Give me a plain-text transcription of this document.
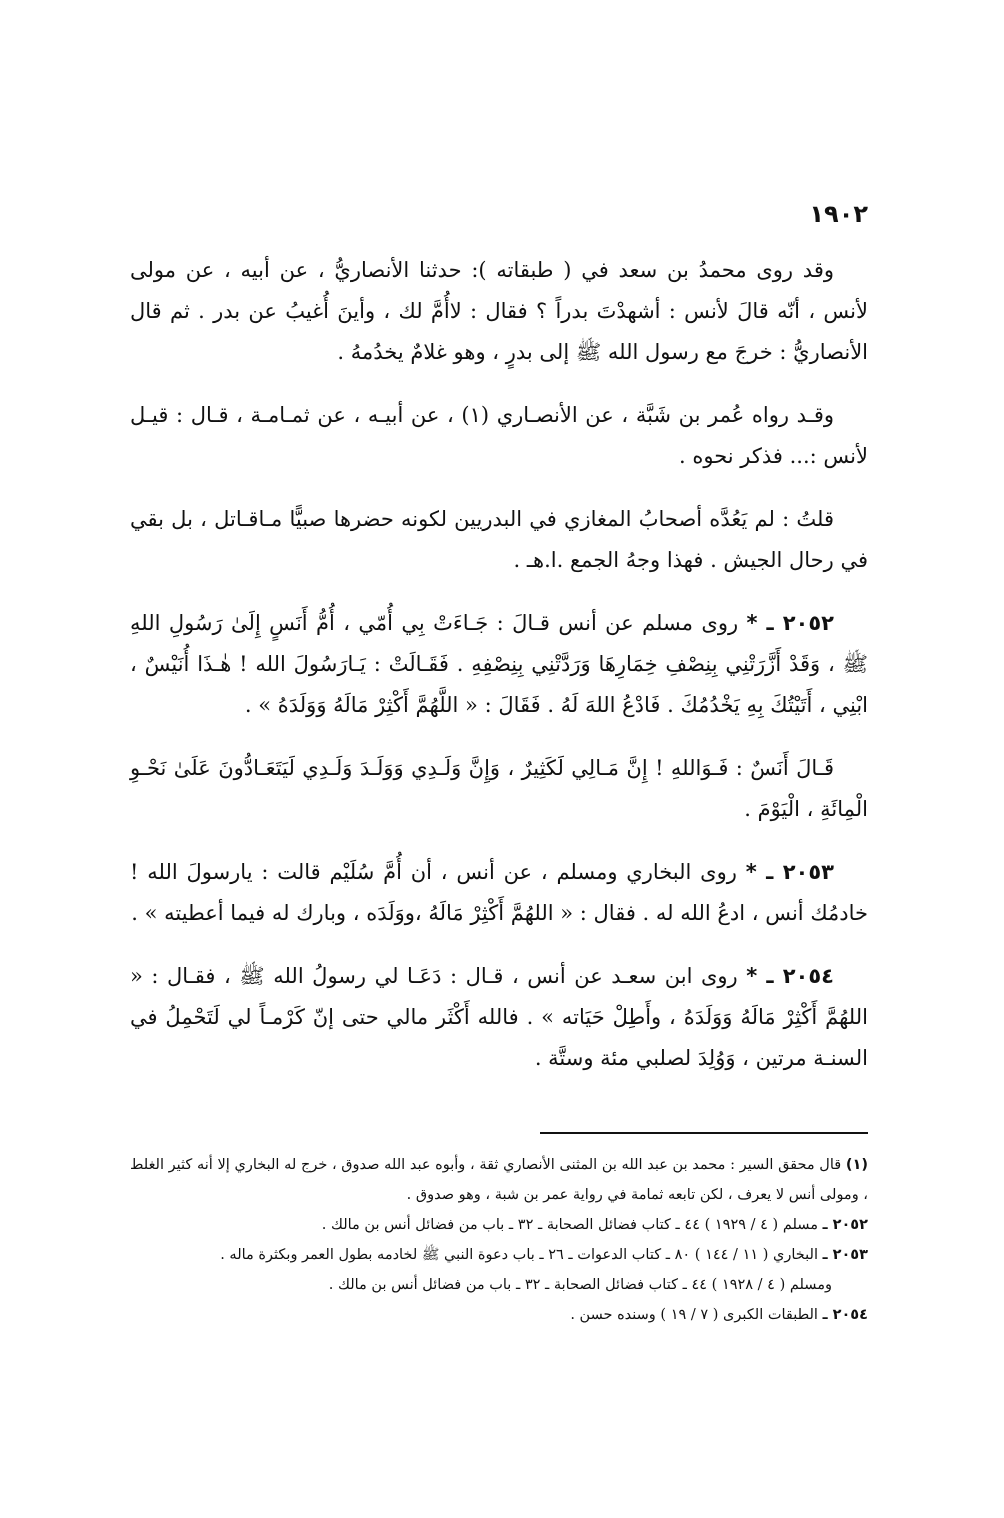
١٩٠٢

وقد روى محمدُ بن سعد في ( طبقاته ): حدثنا الأنصاريُّ ، عن أبيه ، عن مولى لأنس ، أنّه قالَ لأنس : أشهدْتَ بدراً ؟ فقال : لاأُمَّ لك ، وأينَ أُغيبُ عن بدر . ثم قال الأنصاريُّ : خرجَ مع رسول الله ﷺ إلى بدرٍ ، وهو غلامٌ يخدُمهُ .

وقـد رواه عُمر بن شَبَّة ، عن الأنصـاري (١) ، عن أبيـه ، عن ثمـامـة ، قـال : قيـل لأنس :... فذكر نحوه .

قلتُ : لم يَعُدَّه أصحابُ المغازي في البدريين لكونه حضرها صبيًّا مـاقـاتل ، بل بقي في رحال الجيش . فهذا وجهُ الجمع .ا.هـ .

٢٠٥٢ ـ * روى مسلم عن أنس قـالَ : جَـاءَتْ بِي أُمّي ، أُمُّ أَنَسٍ إِلَىٰ رَسُولِ اللهِ ﷺ ، وَقَدْ أَزَّرَتْنِي بِنِصْفِ خِمَارِهَا وَرَدَّتْنِي بِنِصْفِهِ . فَقَـالَتْ : يَـارَسُولَ الله ! هٰـذَا أُنَيْسٌ ، ابْنِي ، أَتَيْتُكَ بِهِ يَخْدُمُكَ . فَادْعُ اللهَ لَهُ . فَقَالَ : « اللَّهُمَّ أَكْثِرْ مَالَهُ وَوَلَدَهُ » .

قَـالَ أَنَسٌ : فَـوَاللهِ ! إِنَّ مَـالِي لَكَثِيرٌ ، وَإِنَّ وَلَـدِي وَوَلَـدَ وَلَـدِي لَيَتَعَـادُّونَ عَلَىٰ نَحْـوِ الْمِائَةِ ، الْيَوْمَ .

٢٠٥٣ ـ * روى البخاري ومسلم ، عن أنس ، أن أُمَّ سُلَيْم قالت : يارسولَ الله ! خادمُك أنس ، ادعُ الله له . فقال : « اللهُمَّ أَكْثِرْ مَالَهُ ،ووَلَدَه ، وبارك له فيما أعطيته » .

٢٠٥٤ ـ * روى ابن سعـد عن أنس ، قـال : دَعَـا لي رسولُ الله ﷺ ، فقـال : « اللهُمَّ أَكْثِرْ مَالَهُ وَوَلَدَهُ ، وأَطِلْ حَيَاته » . فالله أَكْثَر مالي حتى إنّ كَرْمـاً لي لَتَحْمِلُ في السنـة مرتين ، وَوُلِدَ لصلبي مئة وستَّة .

(١) قال محقق السير : محمد بن عبد الله بن المثنى الأنصاري ثقة ، وأبوه عبد الله صدوق ، خرج له البخاري إلا أنه كثير الغلط ، ومولى أنس لا يعرف ، لكن تابعه ثمامة في رواية عمر بن شبة ، وهو صدوق .

٢٠٥٢ ـ مسلم ( ٤ / ١٩٢٩ ) ٤٤ ـ كتاب فضائل الصحابة ـ ٣٢ ـ باب من فضائل أنس بن مالك .

٢٠٥٣ ـ البخاري ( ١١ / ١٤٤ ) ٨٠ ـ كتاب الدعوات ـ ٢٦ ـ باب دعوة النبي ﷺ لخادمه بطول العمر وبكثرة ماله .

ومسلم ( ٤ / ١٩٢٨ ) ٤٤ ـ كتاب فضائل الصحابة ـ ٣٢ ـ باب من فضائل أنس بن مالك .

٢٠٥٤ ـ الطبقات الكبرى ( ٧ / ١٩ ) وسنده حسن .
